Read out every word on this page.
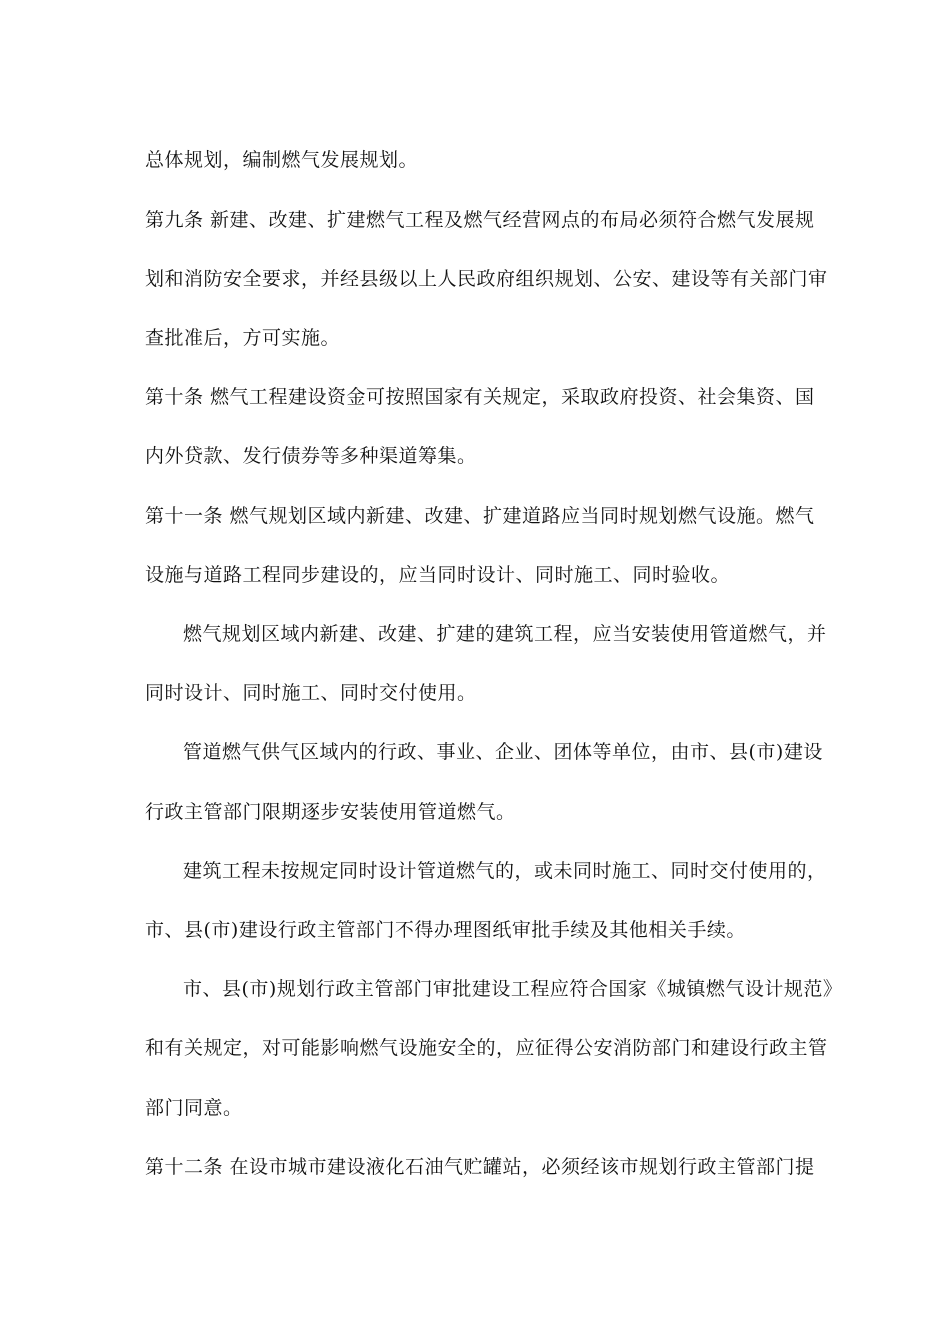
总体规划，编制燃气发展规划。
第九条 新建、改建、扩建燃气工程及燃气经营网点的布局必须符合燃气发展规
划和消防安全要求，并经县级以上人民政府组织规划、公安、建设等有关部门审
查批准后，方可实施。
第十条 燃气工程建设资金可按照国家有关规定，采取政府投资、社会集资、国
内外贷款、发行债券等多种渠道筹集。
第十一条 燃气规划区域内新建、改建、扩建道路应当同时规划燃气设施。燃气
设施与道路工程同步建设的，应当同时设计、同时施工、同时验收。
燃气规划区域内新建、改建、扩建的建筑工程，应当安装使用管道燃气，并
同时设计、同时施工、同时交付使用。
管道燃气供气区域内的行政、事业、企业、团体等单位，由市、县(市)建设
行政主管部门限期逐步安装使用管道燃气。
建筑工程未按规定同时设计管道燃气的，或未同时施工、同时交付使用的，
市、县(市)建设行政主管部门不得办理图纸审批手续及其他相关手续。
市、县(市)规划行政主管部门审批建设工程应符合国家《城镇燃气设计规范》
和有关规定，对可能影响燃气设施安全的，应征得公安消防部门和建设行政主管
部门同意。
第十二条 在设市城市建设液化石油气贮罐站，必须经该市规划行政主管部门提
